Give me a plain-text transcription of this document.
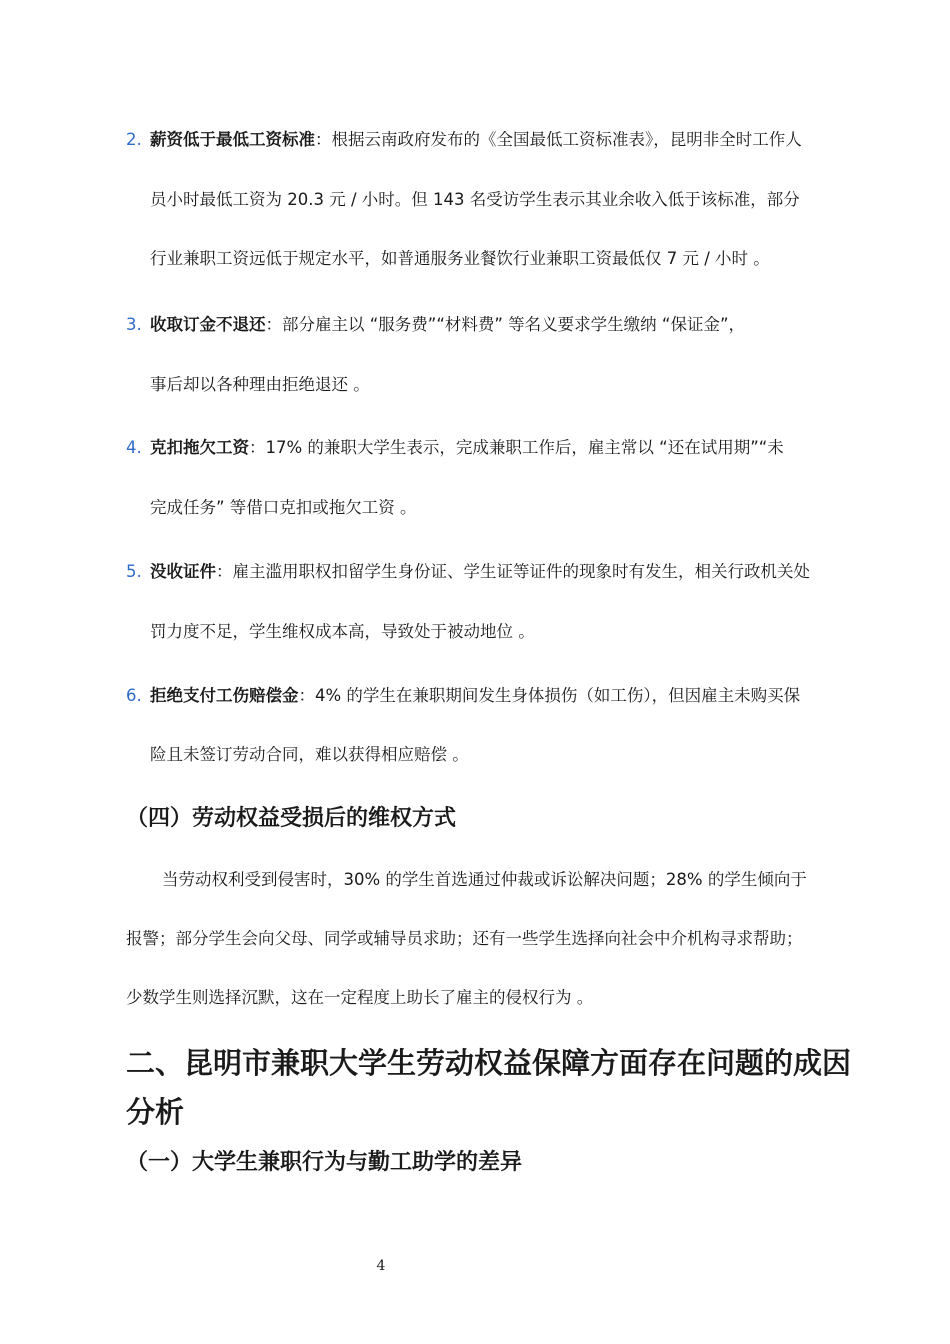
2. 薪资低于最低工资标准：根据云南政府发布的《全国最低工资标准表》，昆明非全时工作人
员小时最低工资为 20.3 元 / 小时。但 143 名受访学生表示其业余收入低于该标准，部分
行业兼职工资远低于规定水平，如普通服务业餐饮行业兼职工资最低仅 7 元 / 小时 。
3. 收取订金不退还：部分雇主以 “服务费”“材料费” 等名义要求学生缴纳 “保证金”，
事后却以各种理由拒绝退还 。
4. 克扣拖欠工资：17% 的兼职大学生表示，完成兼职工作后，雇主常以 “还在试用期”“未
完成任务” 等借口克扣或拖欠工资 。
5. 没收证件：雇主滥用职权扣留学生身份证、学生证等证件的现象时有发生，相关行政机关处
罚力度不足，学生维权成本高，导致处于被动地位 。
6. 拒绝支付工伤赔偿金：4% 的学生在兼职期间发生身体损伤（如工伤），但因雇主未购买保
险且未签订劳动合同，难以获得相应赔偿 。
（四）劳动权益受损后的维权方式
当劳动权利受到侵害时，30% 的学生首选通过仲裁或诉讼解决问题；28% 的学生倾向于
报警；部分学生会向父母、同学或辅导员求助；还有一些学生选择向社会中介机构寻求帮助；
少数学生则选择沉默，这在一定程度上助长了雇主的侵权行为 。
二、昆明市兼职大学生劳动权益保障方面存在问题的成因
分析
（一）大学生兼职行为与勤工助学的差异
4
